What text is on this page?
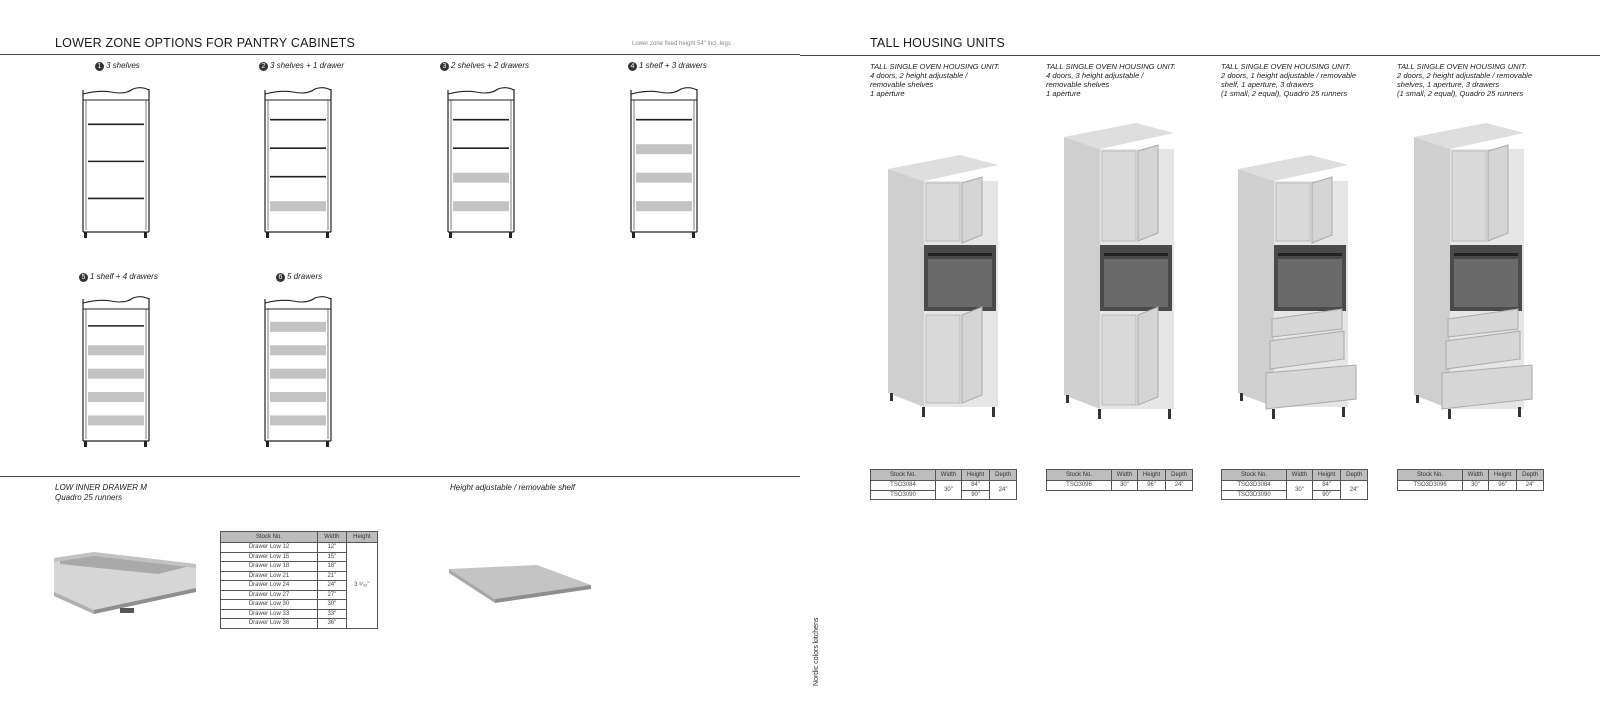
LOWER ZONE OPTIONS FOR PANTRY CABINETS	Lower zone fixed height 54" incl. legs
1 3 shelves	2 3 shelves + 1 drawer	3 2 shelves + 2 drawers	4 1 shelf + 3 drawers
5 1 shelf + 4 drawers	6 5 drawers
LOW INNER DRAWER M
Quadro 25 runners
Stock No.	Width	Height
Drawer Low 12	12"	3 ⁵⁄₃₂"
Drawer Low 15	15"	
Drawer Low 18	18"	
Drawer Low 21	21"	
Drawer Low 24	24"	
Drawer Low 27	27"	
Drawer Low 30	30"	
Drawer Low 33	33"	
Drawer Low 36	36"	
Height adjustable / removable shelf
Nordic colors kitchens
TALL HOUSING UNITS
TALL SINGLE OVEN HOUSING UNIT.
4 doors, 2 height adjustable /
removable shelves
1 aperture
TALL SINGLE OVEN HOUSING UNIT.
4 doors, 3 height adjustable /
removable shelves
1 aperture
TALL SINGLE OVEN HOUSING UNIT.
2 doors, 1 height adjustable / removable
shelf, 1 aperture, 3 drawers
(1 small, 2 equal), Quadro 25 runners
TALL SINGLE OVEN HOUSING UNIT.
2 doors, 2 height adjustable / removable
shelves, 1 aperture, 3 drawers
(1 small, 2 equal), Quadro 25 runners
Stock No.	Width	Height	Depth
TSO3084	30"	84"	24"
TSO3090		90"	
Stock No.	Width	Height	Depth
TSO3096	30"	96"	24"
Stock No.	Width	Height	Depth
TSO3D3084	30"	84"	24"
TSO3D3090		90"	
Stock No.	Width	Height	Depth
TSO3D3096	30"	96"	24"
